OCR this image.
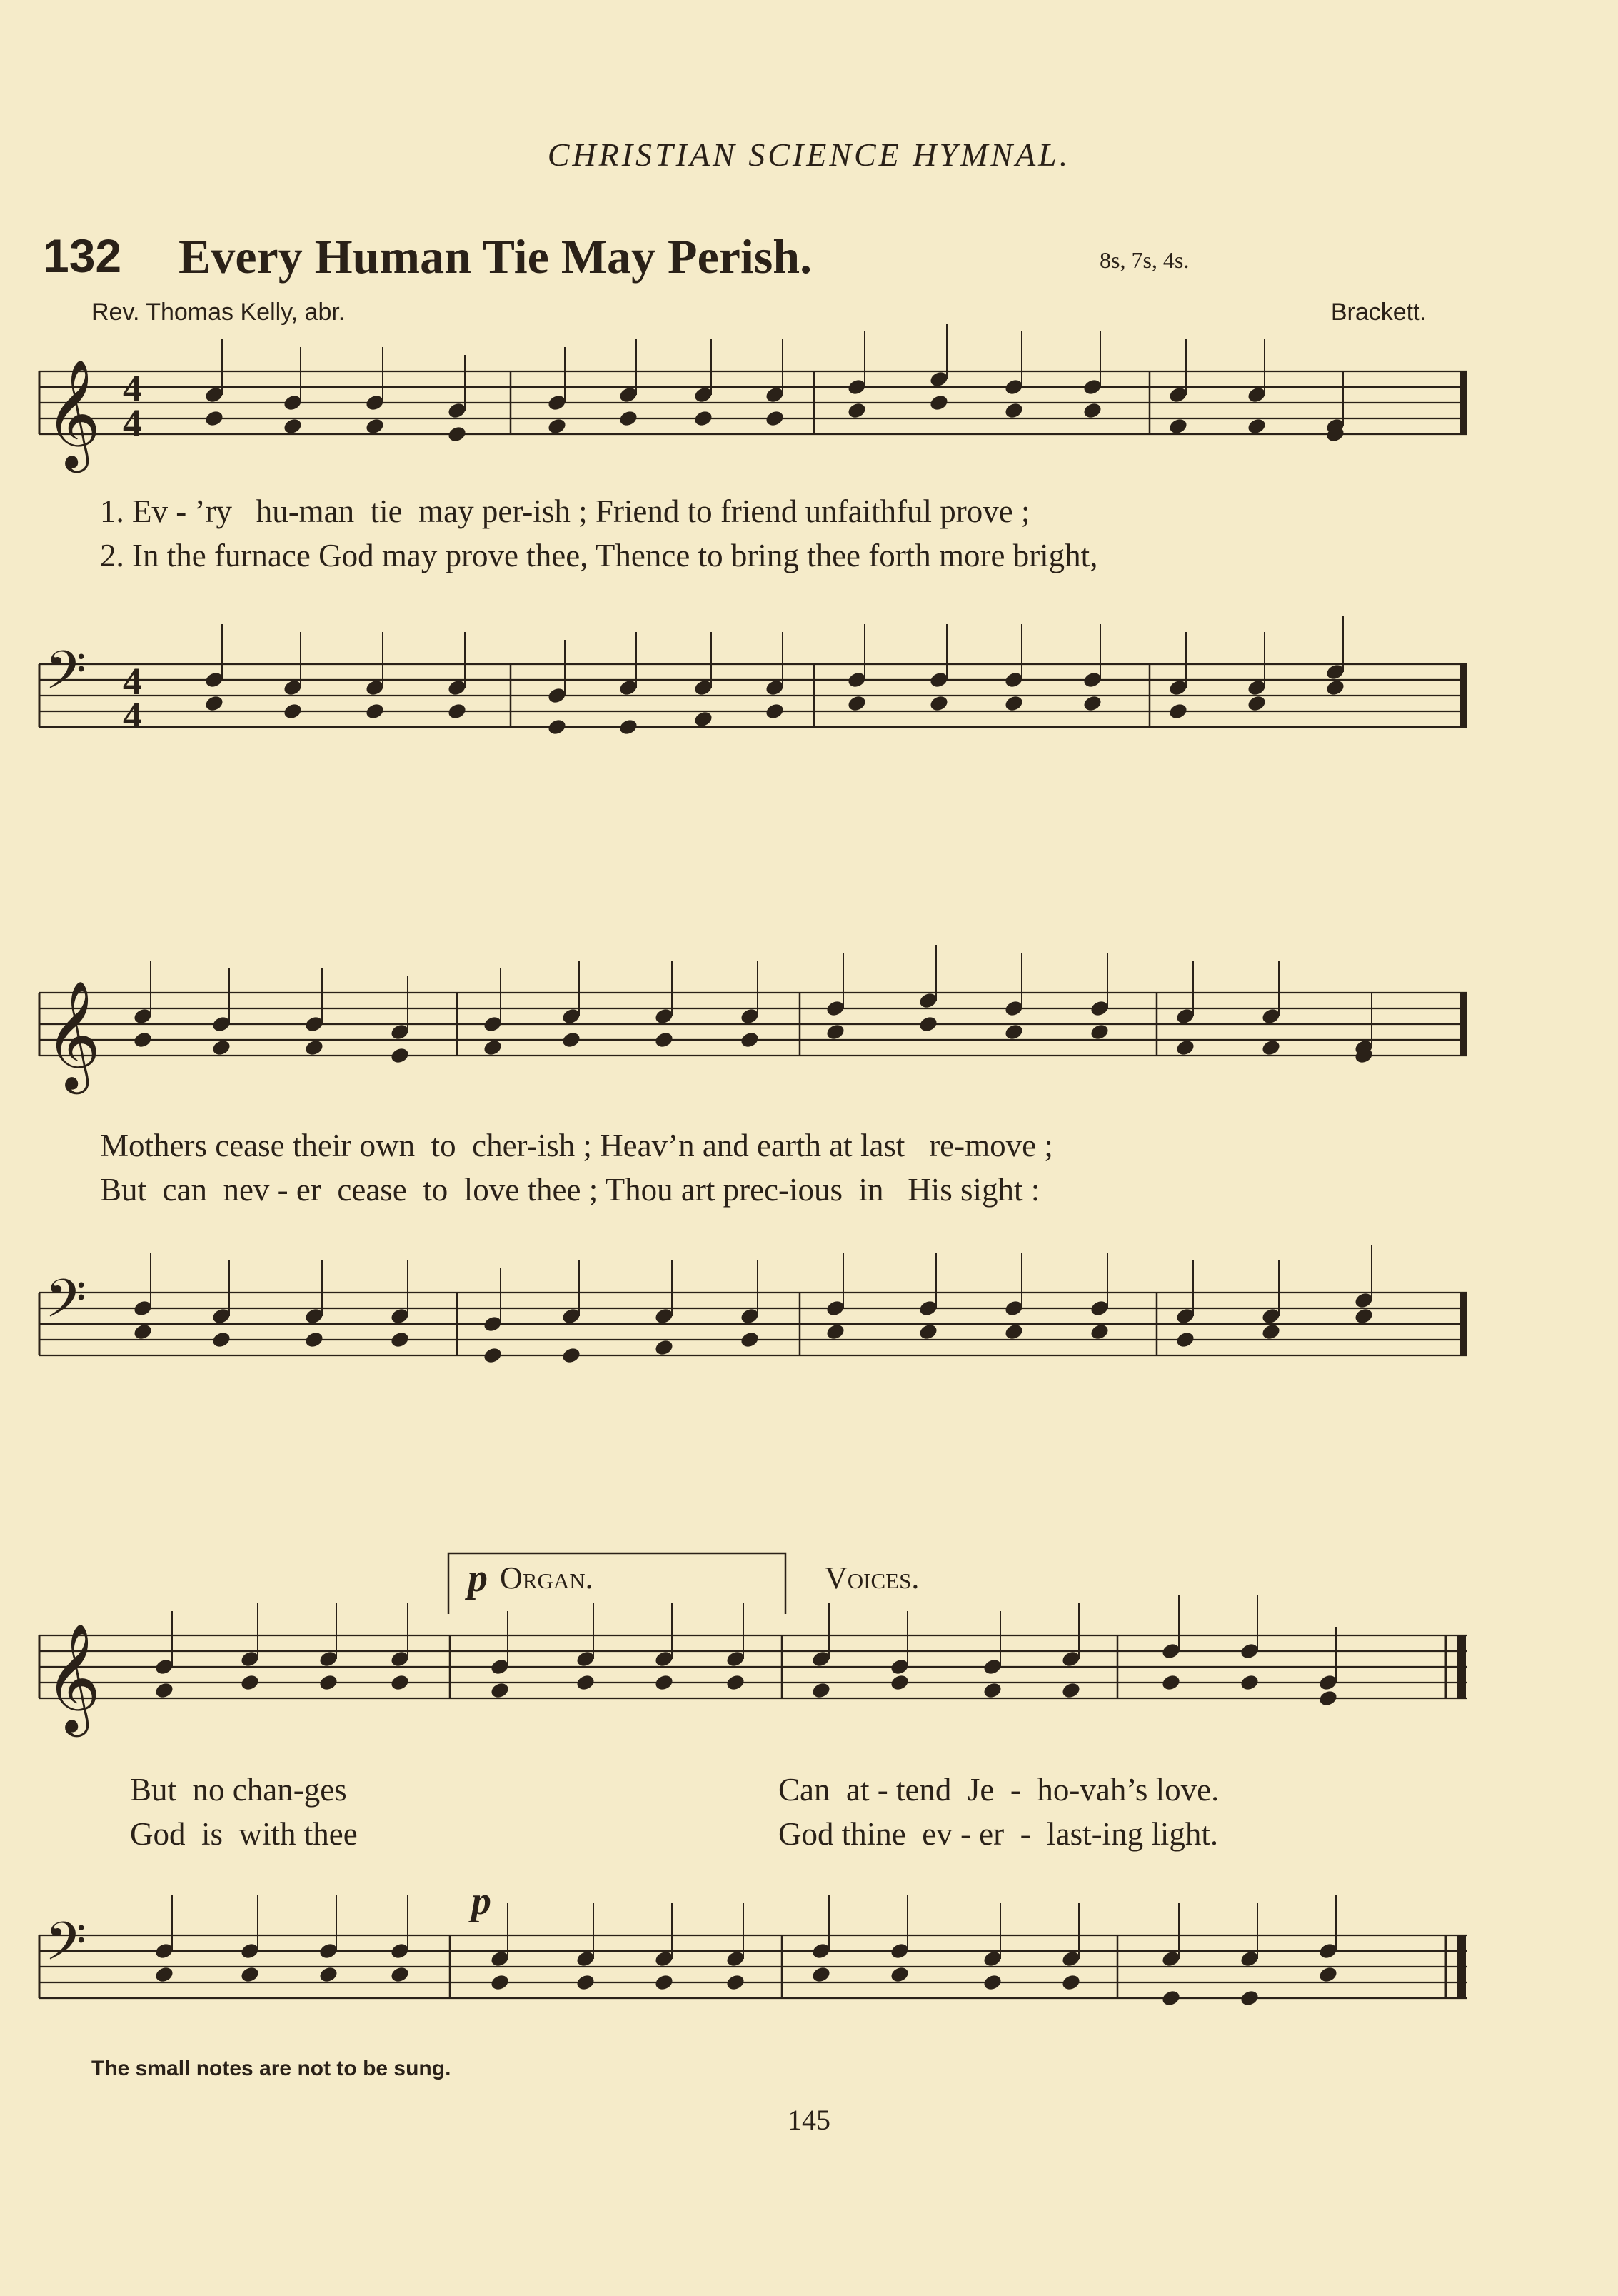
CHRISTIAN SCIENCE HYMNAL.
132 Every Human Tie May Perish.	8s, 7s, 4s.
Rev. Thomas Kelly, abr.	Brackett.
𝄞 4
4
𝄢 4
4
𝄞
𝄢
𝄞
𝄢
1. Ev - ’ry   hu-man  tie  may per-ish ; Friend to friend unfaithful prove ;
2. In the furnace God may prove thee, Thence to bring thee forth more bright,
Mothers cease their own  to  cher-ish ; Heav’n and earth at last   re-move ;
But  can  nev - er  cease  to  love thee ; Thou art prec-ious  in   His sight :
p Organ.	Voices.
But  no chan-ges
God  is  with thee
Can  at - tend  Je  -  ho-vah’s love.
God thine  ev - er  -  last-ing light.
p
The small notes are not to be sung.
145
